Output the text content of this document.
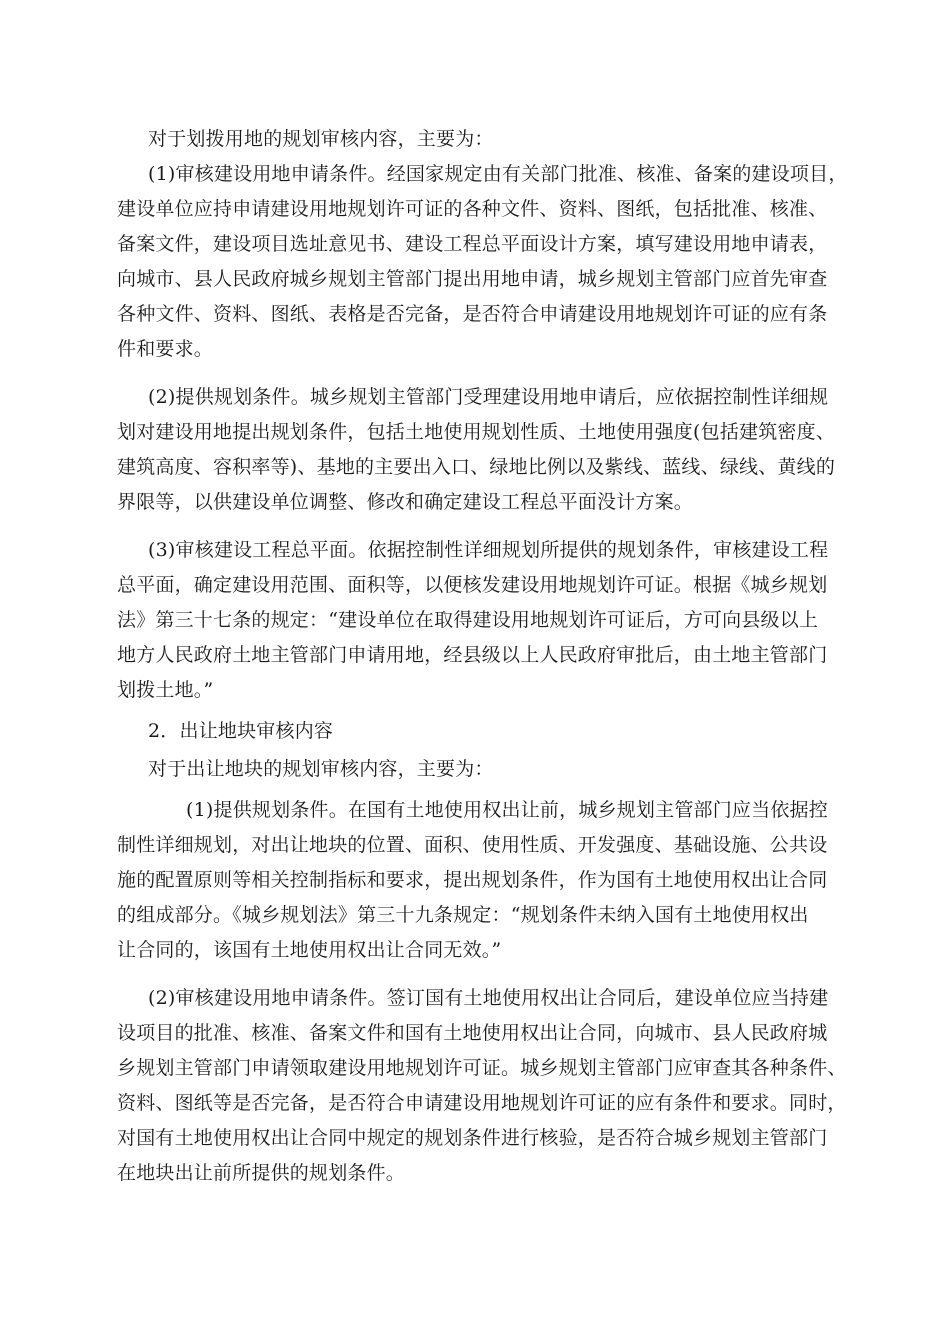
对于划拨用地的规划审核内容，主要为：
(1)审核建设用地申请条件。经国家规定由有关部门批准、核准、备案的建设项目，
建设单位应持申请建设用地规划许可证的各种文件、资料、图纸，包括批准、核准、
备案文件，建设项目选址意见书、建设工程总平面设计方案，填写建设用地申请表，
向城市、县人民政府城乡规划主管部门提出用地申请，城乡规划主管部门应首先审查
各种文件、资料、图纸、表格是否完备，是否符合申请建设用地规划许可证的应有条
件和要求。
(2)提供规划条件。城乡规划主管部门受理建设用地申请后，应依据控制性详细规
划对建设用地提出规划条件，包括土地使用规划性质、土地使用强度(包括建筑密度、
建筑高度、容积率等)、基地的主要出入口、绿地比例以及紫线、蓝线、绿线、黄线的
界限等，以供建设单位调整、修改和确定建设工程总平面没计方案。
(3)审核建设工程总平面。依据控制性详细规划所提供的规划条件，审核建设工程
总平面，确定建设用范围、面积等，以便核发建设用地规划许可证。根据《城乡规划
法》第三十七条的规定：“建设单位在取得建设用地规划许可证后，方可向县级以上
地方人民政府土地主管部门申请用地，经县级以上人民政府审批后，由土地主管部门
划拨土地。”
2．出让地块审核内容
对于出让地块的规划审核内容，主要为：
(1)提供规划条件。在国有土地使用权出让前，城乡规划主管部门应当依据控
制性详细规划，对出让地块的位置、面积、使用性质、开发强度、基础设施、公共设
施的配置原则等相关控制指标和要求，提出规划条件，作为国有土地使用权出让合同
的组成部分。《城乡规划法》第三十九条规定：“规划条件未纳入国有土地使用权出
让合同的，该国有土地使用权出让合同无效。”
(2)审核建设用地申请条件。签订国有土地使用权出让合同后，建设单位应当持建
设项目的批准、核准、备案文件和国有土地使用权出让合同，向城市、县人民政府城
乡规划主管部门申请领取建设用地规划许可证。城乡规划主管部门应审查其各种条件、
资料、图纸等是否完备，是否符合申请建设用地规划许可证的应有条件和要求。同时，
对国有土地使用权出让合同中规定的规划条件进行核验，是否符合城乡规划主管部门
在地块出让前所提供的规划条件。
